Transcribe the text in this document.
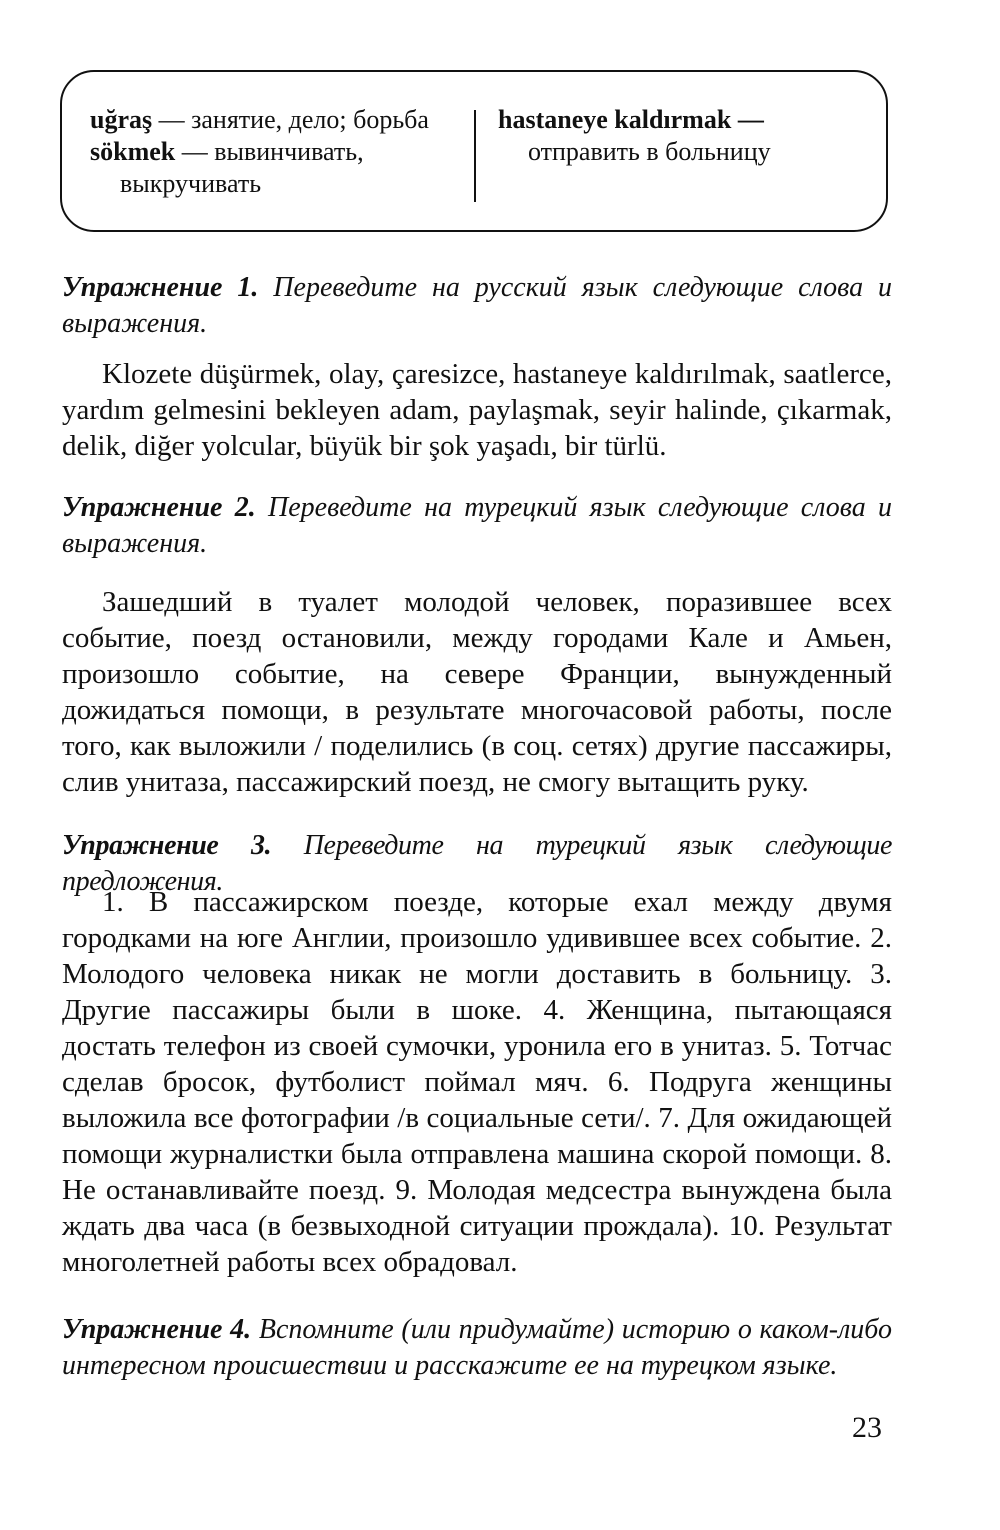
uğraş — занятие, дело; борьба
sökmek — вывинчивать,
выкручивать
hastaneye kaldırmak —
отправить в больницу
Упражнение 1. Переведите на русский язык следующие слова и выражения.
Klozete düşürmek, olay, çaresizce, hastaneye kaldırılmak, saatlerce, yardım gelmesini bekleyen adam, paylaşmak, seyir halinde, çıkarmak, delik, diğer yolcular, büyük bir şok yaşadı, bir türlü.
Упражнение 2. Переведите на турецкий язык следующие слова и выражения.
Зашедший в туалет молодой человек, поразившее всех событие, поезд остановили, между городами Кале и Амьен, произошло событие, на севере Франции, вынужденный дожидаться помощи, в результате многочасовой работы, после того, как выложили / поделились (в соц. сетях) другие пассажиры, слив унитаза, пассажирский поезд, не смогу вытащить руку.
Упражнение 3. Переведите на турецкий язык следующие предложения.
1. В пассажирском поезде, которые ехал между двумя городками на юге Англии, произошло удивившее всех событие. 2. Молодого человека никак не могли доставить в больницу. 3. Другие пассажиры были в шоке. 4. Женщина, пытающаяся достать телефон из своей сумочки, уронила его в унитаз. 5. Тотчас сделав бросок, футболист поймал мяч. 6. Подруга женщины выложила все фотографии /в социальные сети/. 7. Для ожидающей помощи журналистки была отправлена машина скорой помощи. 8. Не останавливайте поезд. 9. Молодая медсестра вынуждена была ждать два часа (в безвыходной ситуации прождала). 10. Результат многолетней работы всех обрадовал.
Упражнение 4. Вспомните (или придумайте) историю о каком-либо интересном происшествии и расскажите ее на турецком языке.
23
